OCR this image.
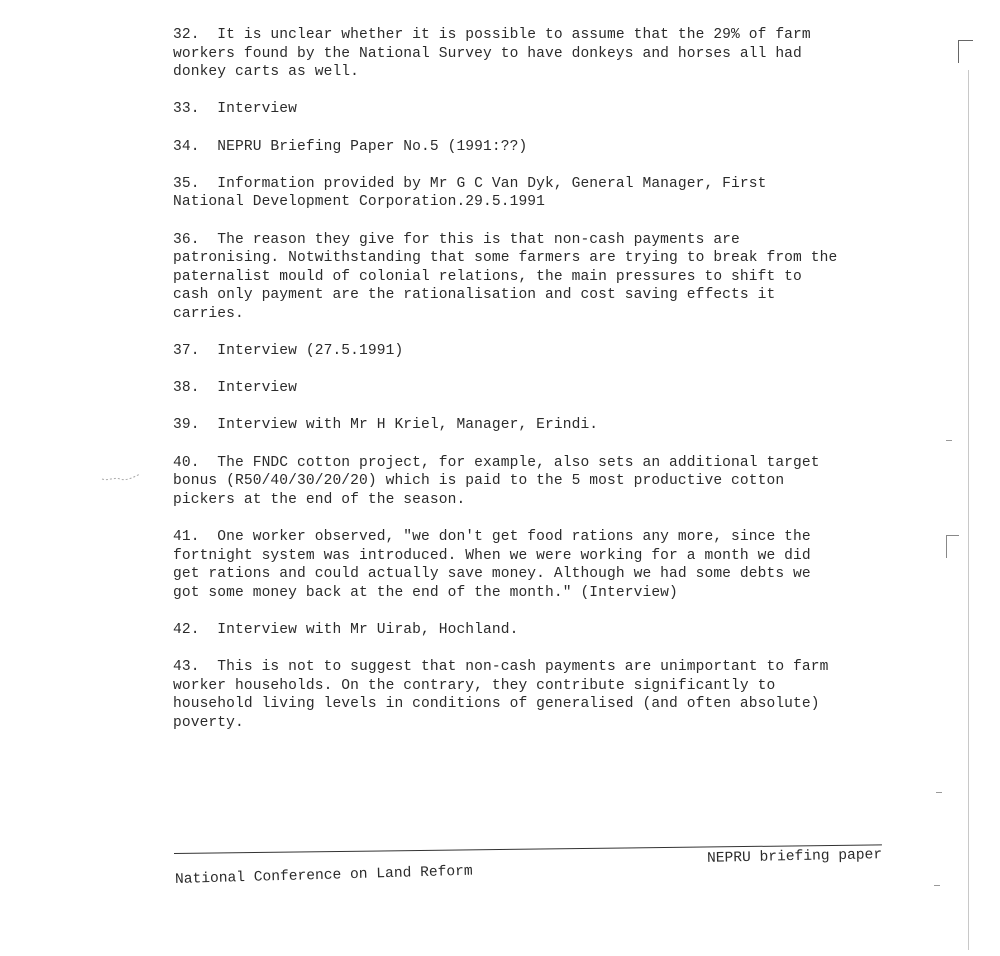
32.  It is unclear whether it is possible to assume that the 29% of farm

workers found by the National Survey to have donkeys and horses all had

donkey carts as well.

33.  Interview

34.  NEPRU Briefing Paper No.5 (1991:??)

35.  Information provided by Mr G C Van Dyk, General Manager, First

National Development Corporation.29.5.1991

36.  The reason they give for this is that non-cash payments are

patronising. Notwithstanding that some farmers are trying to break from the

paternalist mould of colonial relations, the main pressures to shift to

cash only payment are the rationalisation and cost saving effects it

carries.

37.  Interview (27.5.1991)

38.  Interview

39.  Interview with Mr H Kriel, Manager, Erindi.

40.  The FNDC cotton project, for example, also sets an additional target

bonus (R50/40/30/20/20) which is paid to the 5 most productive cotton

pickers at the end of the season.

41.  One worker observed, "we don't get food rations any more, since the

fortnight system was introduced. When we were working for a month we did

get rations and could actually save money. Although we had some debts we

got some money back at the end of the month." (Interview)

42.  Interview with Mr Uirab, Hochland.

43.  This is not to suggest that non-cash payments are unimportant to farm

worker households. On the contrary, they contribute significantly to

household living levels in conditions of generalised (and often absolute)

poverty.

NEPRU briefing paper
National Conference on Land Reform
